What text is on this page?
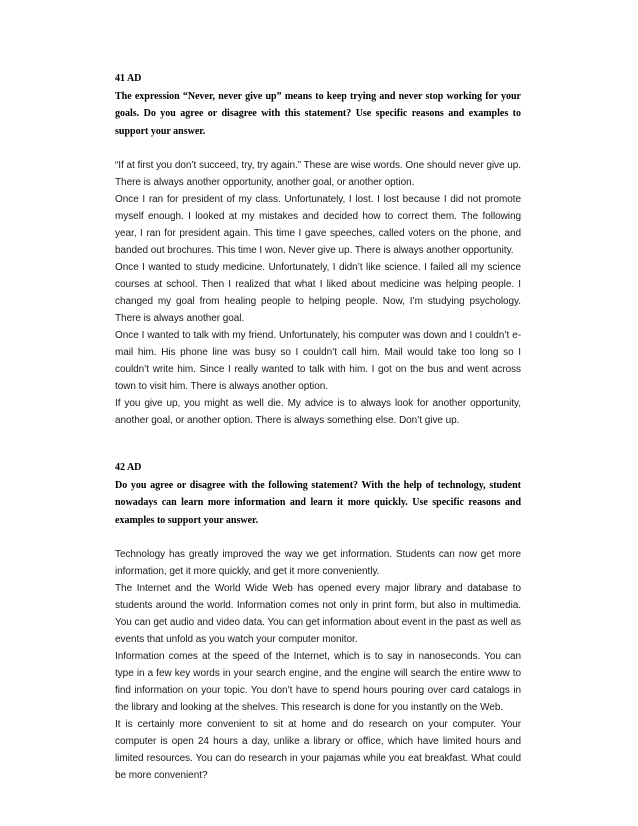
41 AD

The expression “Never, never give up” means to keep trying and never stop working for your goals. Do you agree or disagree with this statement? Use specific reasons and examples to support your answer.

“If at first you don’t succeed, try, try again.” These are wise words. One should never give up. There is always another opportunity, another goal, or another option.

Once I ran for president of my class. Unfortunately, I lost. I lost because I did not promote myself enough. I looked at my mistakes and decided how to correct them. The following year, I ran for president again. This time I gave speeches, called voters on the phone, and banded out brochures. This time I won. Never give up. There is always another opportunity.

Once I wanted to study medicine. Unfortunately, I didn’t like science. I failed all my science courses at school. Then I realized that what I liked about medicine was helping people. I changed my goal from healing people to helping people. Now, I’m studying psychology. There is always another goal.

Once I wanted to talk with my friend. Unfortunately, his computer was down and I couldn’t e-mail him. His phone line was busy so I couldn’t call him. Mail would take too long so I couldn’t write him. Since I really wanted to talk with him. I got on the bus and went across town to visit him. There is always another option.

If you give up, you might as well die. My advice is to always look for another opportunity, another goal, or another option. There is always something else. Don’t give up.

42 AD

Do you agree or disagree with the following statement? With the help of technology, student nowadays can learn more information and learn it more quickly. Use specific reasons and examples to support your answer.

Technology has greatly improved the way we get information. Students can now get more information, get it more quickly, and get it more conveniently.

The Internet and the World Wide Web has opened every major library and database to students around the world. Information comes not only in print form, but also in multimedia. You can get audio and video data. You can get information about event in the past as well as events that unfold as you watch your computer monitor.

Information comes at the speed of the Internet, which is to say in nanoseconds. You can type in a few key words in your search engine, and the engine will search the entire www to find information on your topic. You don’t have to spend hours pouring over card catalogs in the library and looking at the shelves. This research is done for you instantly on the Web.

It is certainly more convenient to sit at home and do research on your computer. Your computer is open 24 hours a day, unlike a library or office, which have limited hours and limited resources. You can do research in your pajamas while you eat breakfast. What could be more convenient?
